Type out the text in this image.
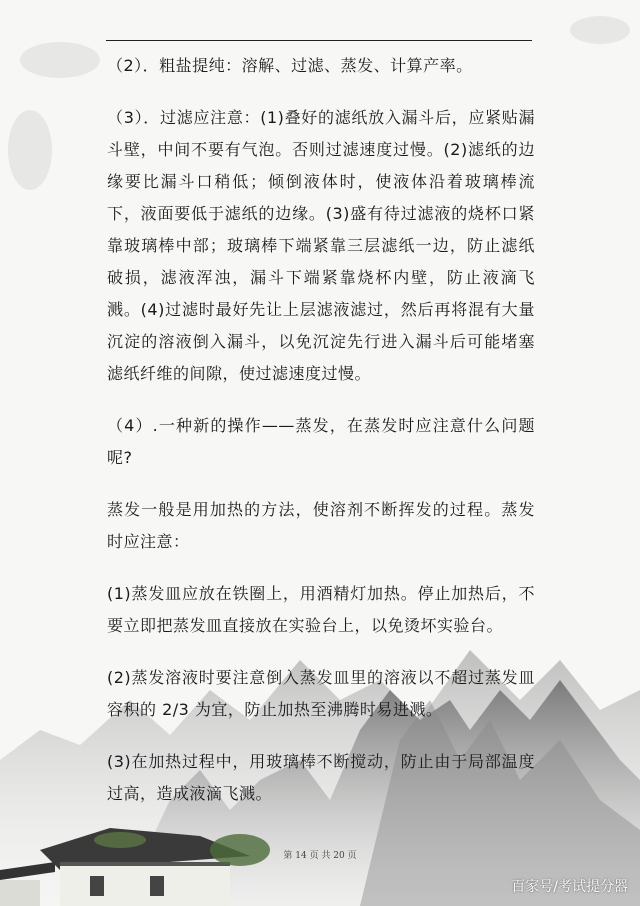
（2）．粗盐提纯：溶解、过滤、蒸发、计算产率。

（3）．过滤应注意：(1)叠好的滤纸放入漏斗后，应紧贴漏斗壁，中间不要有气泡。否则过滤速度过慢。(2)滤纸的边缘要比漏斗口稍低；倾倒液体时，使液体沿着玻璃棒流下，液面要低于滤纸的边缘。(3)盛有待过滤液的烧杯口紧靠玻璃棒中部；玻璃棒下端紧靠三层滤纸一边，防止滤纸破损，滤液浑浊，漏斗下端紧靠烧杯内壁，防止液滴飞溅。(4)过滤时最好先让上层滤液滤过，然后再将混有大量沉淀的溶液倒入漏斗，以免沉淀先行进入漏斗后可能堵塞滤纸纤维的间隙，使过滤速度过慢。

（4）.一种新的操作——蒸发，在蒸发时应注意什么问题呢?

蒸发一般是用加热的方法，使溶剂不断挥发的过程。蒸发时应注意：

(1)蒸发皿应放在铁圈上，用酒精灯加热。停止加热后，不要立即把蒸发皿直接放在实验台上，以免烫坏实验台。

(2)蒸发溶液时要注意倒入蒸发皿里的溶液以不超过蒸发皿容积的 2/3 为宜，防止加热至沸腾时易进溅。

(3)在加热过程中，用玻璃棒不断搅动，防止由于局部温度过高，造成液滴飞溅。

第 14 页 共 20 页
百家号/考试提分器
